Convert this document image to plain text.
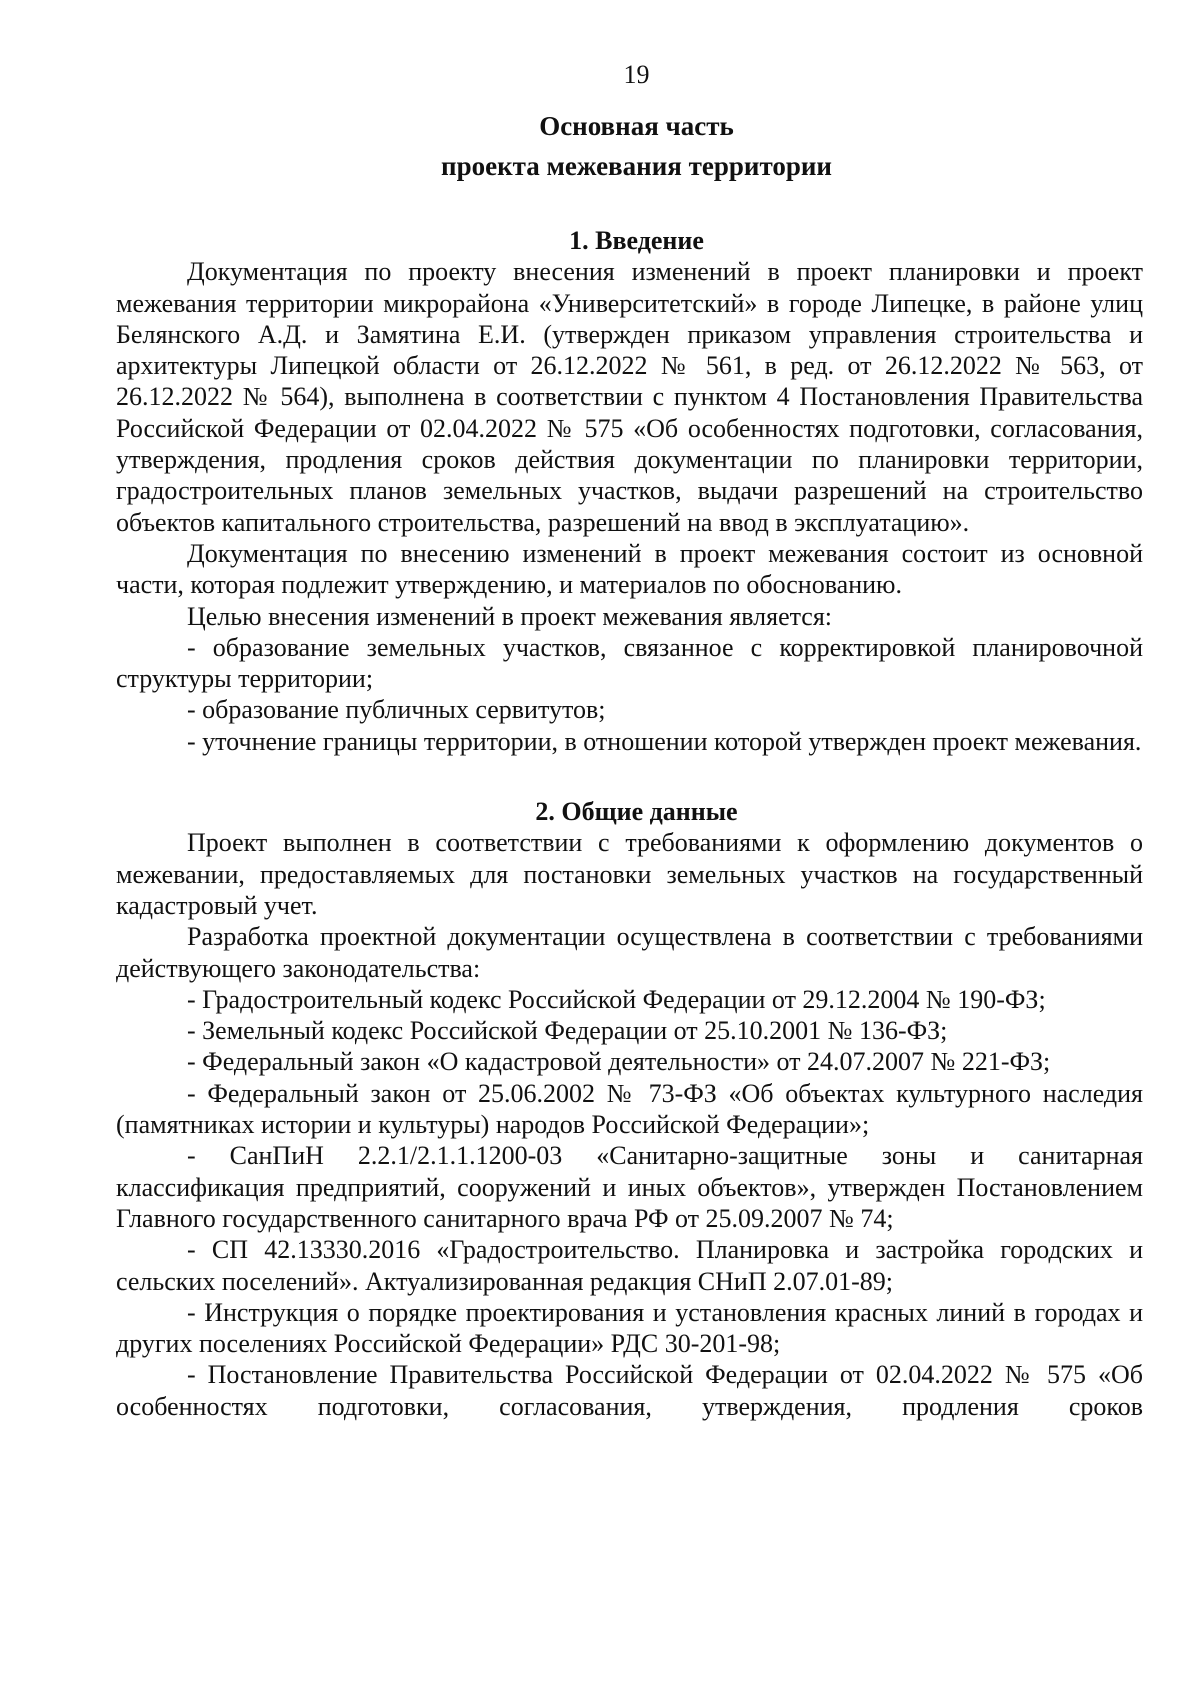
19
Основная часть
проекта межевания территории
1. Введение

Документация по проекту внесения изменений в проект планировки и проект межевания территории микрорайона «Университетский» в городе Липецке, в районе улиц Белянского А.Д. и Замятина Е.И. (утвержден приказом управления строительства и архитектуры Липецкой области от 26.12.2022 № 561, в ред. от 26.12.2022 № 563, от 26.12.2022 № 564), выполнена в соответствии с пунктом 4 Постановления Правительства Российской Федерации от 02.04.2022 № 575 «Об особенностях подготовки, согласования, утверждения, продления сроков действия документации по планировки территории, градостроительных планов земельных участков, выдачи разрешений на строительство объектов капитального строительства, разрешений на ввод в эксплуатацию».

Документация по внесению изменений в проект межевания состоит из основной части, которая подлежит утверждению, и материалов по обоснованию.

Целью внесения изменений в проект межевания является:

- образование земельных участков, связанное с корректировкой планировочной структуры территории;

- образование публичных сервитутов;

- уточнение границы территории, в отношении которой утвержден проект межевания.

2. Общие данные

Проект выполнен в соответствии с требованиями к оформлению документов о межевании, предоставляемых для постановки земельных участков на государственный кадастровый учет.

Разработка проектной документации осуществлена в соответствии с требованиями действующего законодательства:

- Градостроительный кодекс Российской Федерации от 29.12.2004 № 190-ФЗ;

- Земельный кодекс Российской Федерации от 25.10.2001 № 136-ФЗ;

- Федеральный закон «О кадастровой деятельности» от 24.07.2007 № 221-ФЗ;

- Федеральный закон от 25.06.2002 № 73-ФЗ «Об объектах культурного наследия (памятниках истории и культуры) народов Российской Федерации»;

- СанПиН 2.2.1/2.1.1.1200-03 «Санитарно-защитные зоны и санитарная классификация предприятий, сооружений и иных объектов», утвержден Постановлением Главного государственного санитарного врача РФ от 25.09.2007 № 74;

- СП 42.13330.2016 «Градостроительство. Планировка и застройка городских и сельских поселений». Актуализированная редакция СНиП 2.07.01-89;

- Инструкция о порядке проектирования и установления красных линий в городах и других поселениях Российской Федерации» РДС 30-201-98;

- Постановление Правительства Российской Федерации от 02.04.2022 № 575 «Об особенностях подготовки, согласования, утверждения, продления сроков
